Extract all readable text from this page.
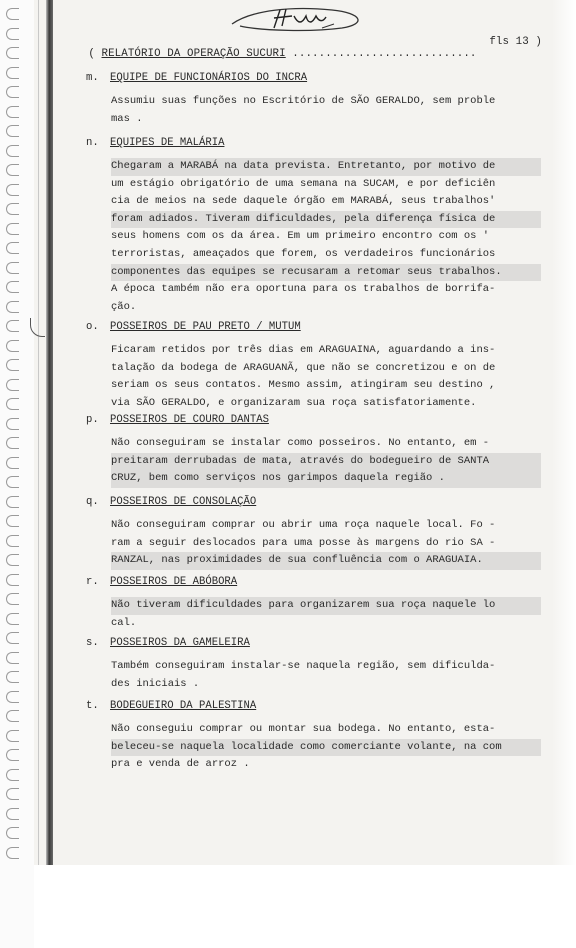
( RELATÓRIO DA OPERAÇÃO SUCURI ............................
fls 13 )

m. EQUIPE DE FUNCIONÁRIOS DO INCRA
Assumiu suas funções no Escritório de SÃO GERALDO, sem proble
mas .
n. EQUIPES DE MALÁRIA
Chegaram a MARABÁ na data prevista. Entretanto, por motivo de
um estágio obrigatório de uma semana na SUCAM, e por deficiên
cia de meios na sede daquele órgão em MARABÁ, seus trabalhos'
foram adiados. Tiveram dificuldades, pela diferença física de
seus homens com os da área. Em um primeiro encontro com os '
terroristas, ameaçados que forem, os verdadeiros funcionários
componentes das equipes se recusaram a retomar seus trabalhos.
A época também não era oportuna para os trabalhos de borrifa-
ção.
o. POSSEIROS DE PAU PRETO / MUTUM
Ficaram retidos por três dias em ARAGUAINA, aguardando a ins-
talação da bodega de ARAGUANÃ, que não se concretizou e on de
seriam os seus contatos. Mesmo assim, atingiram seu destino ,
via SÃO GERALDO, e organizaram sua roça satisfatoriamente.
p. POSSEIROS DE COURO DANTAS
Não conseguiram se instalar como posseiros. No entanto, em -
preitaram derrubadas de mata, através do bodegueiro de SANTA
CRUZ, bem como serviços nos garimpos daquela região .
q. POSSEIROS DE CONSOLAÇÃO
Não conseguiram comprar ou abrir uma roça naquele local. Fo -
ram a seguir deslocados para uma posse às margens do rio SA -
RANZAL, nas proximidades de sua confluência com o ARAGUAIA.
r. POSSEIROS DE ABÓBORA
Não tiveram dificuldades para organizarem sua roça naquele lo
cal.
s. POSSEIROS DA GAMELEIRA
Também conseguiram instalar-se naquela região, sem dificulda-
des iniciais .
t. BODEGUEIRO DA PALESTINA
Não conseguiu comprar ou montar sua bodega. No entanto, esta-
beleceu-se naquela localidade como comerciante volante, na com
pra e venda de arroz .
